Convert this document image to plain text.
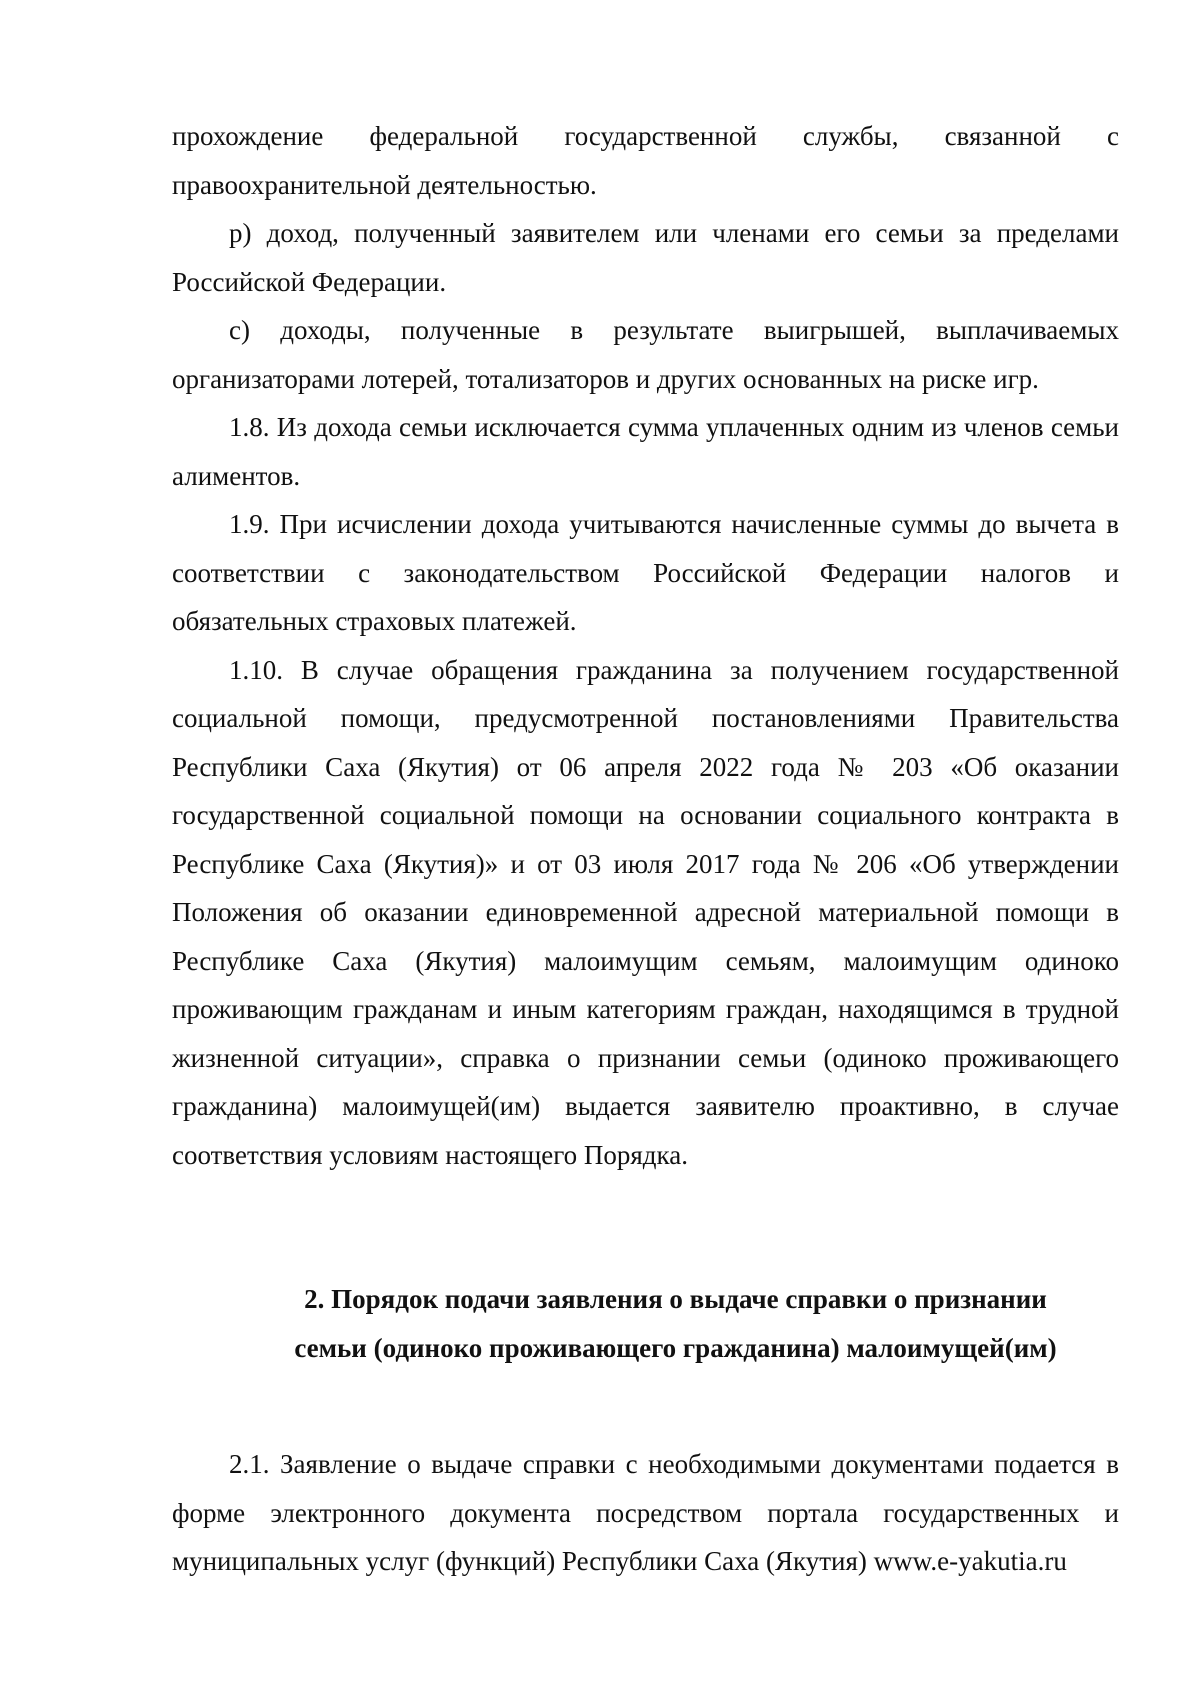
прохождение федеральной государственной службы, связанной с правоохранительной деятельностью.

р) доход, полученный заявителем или членами его семьи за пределами Российской Федерации.

с) доходы, полученные в результате выигрышей, выплачиваемых организаторами лотерей, тотализаторов и других основанных на риске игр.

1.8. Из дохода семьи исключается сумма уплаченных одним из членов семьи алиментов.

1.9. При исчислении дохода учитываются начисленные суммы до вычета в соответствии с законодательством Российской Федерации налогов и обязательных страховых платежей.

1.10. В случае обращения гражданина за получением государственной социальной помощи, предусмотренной постановлениями Правительства Республики Саха (Якутия) от 06 апреля 2022 года № 203 «Об оказании государственной социальной помощи на основании социального контракта в Республике Саха (Якутия)» и от 03 июля 2017 года № 206 «Об утверждении Положения об оказании единовременной адресной материальной помощи в Республике Саха (Якутия) малоимущим семьям, малоимущим одиноко проживающим гражданам и иным категориям граждан, находящимся в трудной жизненной ситуации», справка о признании семьи (одиноко проживающего гражданина) малоимущей(им) выдается заявителю проактивно, в случае соответствия условиям настоящего Порядка.

2. Порядок подачи заявления о выдаче справки о признании
семьи (одиноко проживающего гражданина) малоимущей(им)

2.1. Заявление о выдаче справки с необходимыми документами подается в форме электронного документа посредством портала государственных и муниципальных услуг (функций) Республики Саха (Якутия) www.e-yakutia.ru
